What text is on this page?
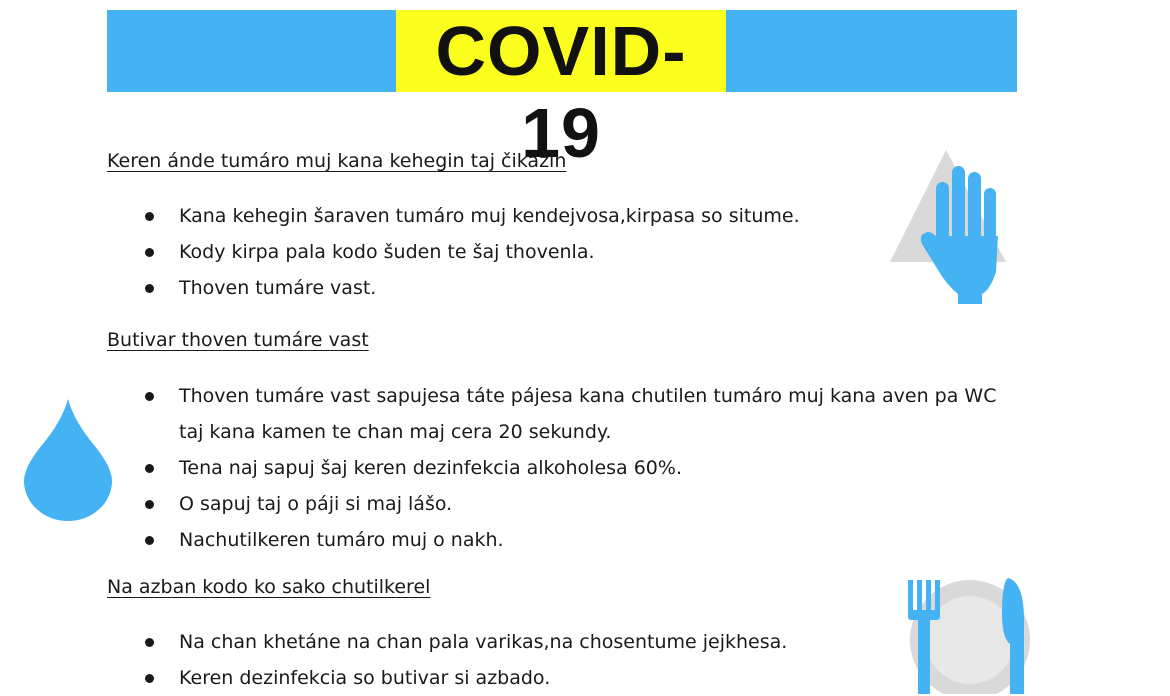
COVID-19
Keren ánde tumáro muj kana kehegin taj čikázin
Kana kehegin šaraven tumáro muj kendejvosa,kirpasa so situme.
Kody kirpa pala kodo šuden te šaj thovenla.
Thoven tumáre vast.
Butivar thoven tumáre vast
Thoven tumáre vast sapujesa táte pájesa kana chutilen tumáro muj kana aven pa WC taj kana kamen te chan maj cera 20 sekundy.
Tena naj sapuj šaj keren dezinfekcia alkoholesa 60%.
O sapuj taj o páji si maj lášo.
Nachutilkeren tumáro muj o nakh.
Na azban kodo ko sako chutilkerel
Na chan khetáne na chan pala varikas,na chosentume jejkhesa.
Keren dezinfekcia so butivar si azbado.
